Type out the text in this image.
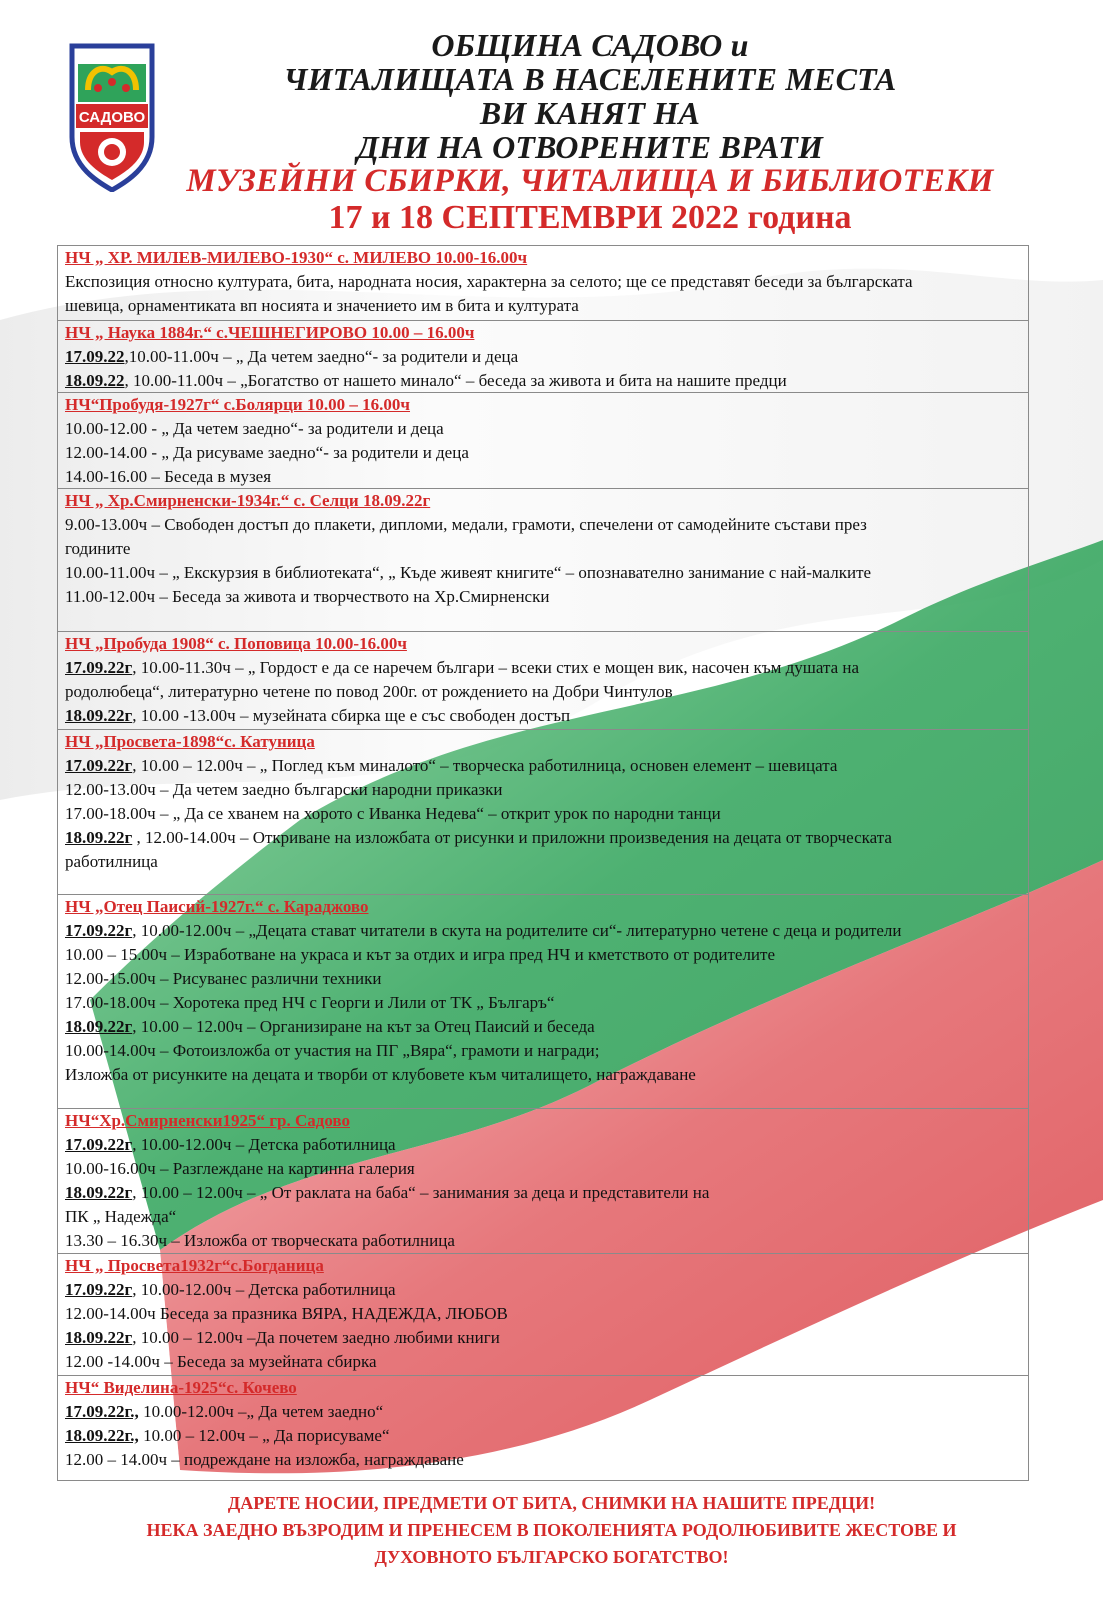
САДОВО
ОБЩИНА САДОВО и
ЧИТАЛИЩАТА В НАСЕЛЕНИТЕ МЕСТА
ВИ КАНЯТ НА
ДНИ НА ОТВОРЕНИТЕ ВРАТИ
МУЗЕЙНИ СБИРКИ, ЧИТАЛИЩА И БИБЛИОТЕКИ
17 и 18 СЕПТЕМВРИ 2022 година
НЧ „ ХР. МИЛЕВ-МИЛЕВО-1930“ с. МИЛЕВО 10.00-16.00ч
Експозиция относно културата, бита, народната носия, характерна за селото; ще се представят беседи за българската
шевица, орнаментиката вп носията и значението им в бита и културата
НЧ „ Наука 1884г.“ с.ЧЕШНЕГИРОВО 10.00 – 16.00ч
17.09.22,10.00-11.00ч – „ Да четем заедно“- за родители и деца
18.09.22, 10.00-11.00ч – „Богатство от нашето минало“ – беседа за живота и бита на нашите предци
НЧ“Пробудя-1927г“ с.Болярци 10.00 – 16.00ч
10.00-12.00 - „ Да четем заедно“- за родители и деца
12.00-14.00 - „ Да рисуваме заедно“- за родители и деца
14.00-16.00 – Беседа в музея
НЧ „ Хр.Смирненски-1934г.“ с. Селци 18.09.22г
9.00-13.00ч – Свободен достъп до плакети, дипломи, медали, грамоти, спечелени от самодейните състави през
годините
10.00-11.00ч – „ Екскурзия в библиотеката“, „ Къде живеят книгите“ – опознавателно занимание с най-малките
11.00-12.00ч – Беседа за живота и творчеството на Хр.Смирненски
НЧ „Пробуда 1908“ с. Поповица 10.00-16.00ч
17.09.22г, 10.00-11.30ч – „ Гордост е да се наречем българи – всеки стих е мощен вик, насочен към душата на
родолюбеца“, литературно четене по повод 200г. от рождението на Добри Чинтулов
18.09.22г, 10.00 -13.00ч – музейната сбирка ще е със свободен достъп
НЧ „Просвета-1898“с. Катуница
17.09.22г, 10.00 – 12.00ч – „ Поглед към миналото“ – творческа работилница, основен елемент – шевицата
12.00-13.00ч – Да четем заедно български народни приказки
17.00-18.00ч – „ Да се хванем на хорото с Иванка Недева“ – открит урок по народни танци
18.09.22г , 12.00-14.00ч – Откриване на изложбата от рисунки и приложни произведения на децата от творческата
работилница
НЧ „Отец Паисий-1927г.“ с. Караджово
17.09.22г, 10.00-12.00ч – „Децата стават читатели в скута на родителите си“- литературно четене с деца и родители
10.00 – 15.00ч – Изработване на украса и кът за отдих и игра пред НЧ и кметството от родителите
12.00-15.00ч – Рисуванес различни техники
17.00-18.00ч – Хоротека пред НЧ с Георги и Лили от ТК „ Българъ“
18.09.22г, 10.00 – 12.00ч – Организиране на кът за Отец Паисий и беседа
10.00-14.00ч – Фотоизложба от участия на ПГ „Вяра“, грамоти и награди;
Изложба от рисунките на децата и творби от клубовете към читалището, награждаване
НЧ“Хр.Смирненски1925“ гр. Садово
17.09.22г, 10.00-12.00ч – Детска работилница
10.00-16.00ч – Разглеждане на картинна галерия
18.09.22г, 10.00 – 12.00ч – „ От раклата на баба“ – занимания за деца и представители на
ПК „ Надежда“
13.30 – 16.30ч – Изложба от творческата работилница
НЧ „ Просвета1932г“с.Богданица
17.09.22г, 10.00-12.00ч – Детска работилница
12.00-14.00ч Беседа за празника ВЯРА, НАДЕЖДА, ЛЮБОВ
18.09.22г, 10.00 – 12.00ч –Да почетем заедно любими книги
12.00 -14.00ч – Беседа за музейната сбирка
НЧ“ Виделина-1925“с. Кочево
17.09.22г., 10.00-12.00ч –„ Да четем заедно“
18.09.22г., 10.00 – 12.00ч – „ Да порисуваме“
12.00 – 14.00ч – подреждане на изложба, награждаване
ДАРЕТЕ НОСИИ, ПРЕДМЕТИ ОТ БИТА, СНИМКИ НА НАШИТЕ ПРЕДЦИ!
НЕКА ЗАЕДНО ВЪЗРОДИМ И ПРЕНЕСЕМ В ПОКОЛЕНИЯТА РОДОЛЮБИВИТЕ ЖЕСТОВЕ И
ДУХОВНОТО БЪЛГАРСКО БОГАТСТВО!
